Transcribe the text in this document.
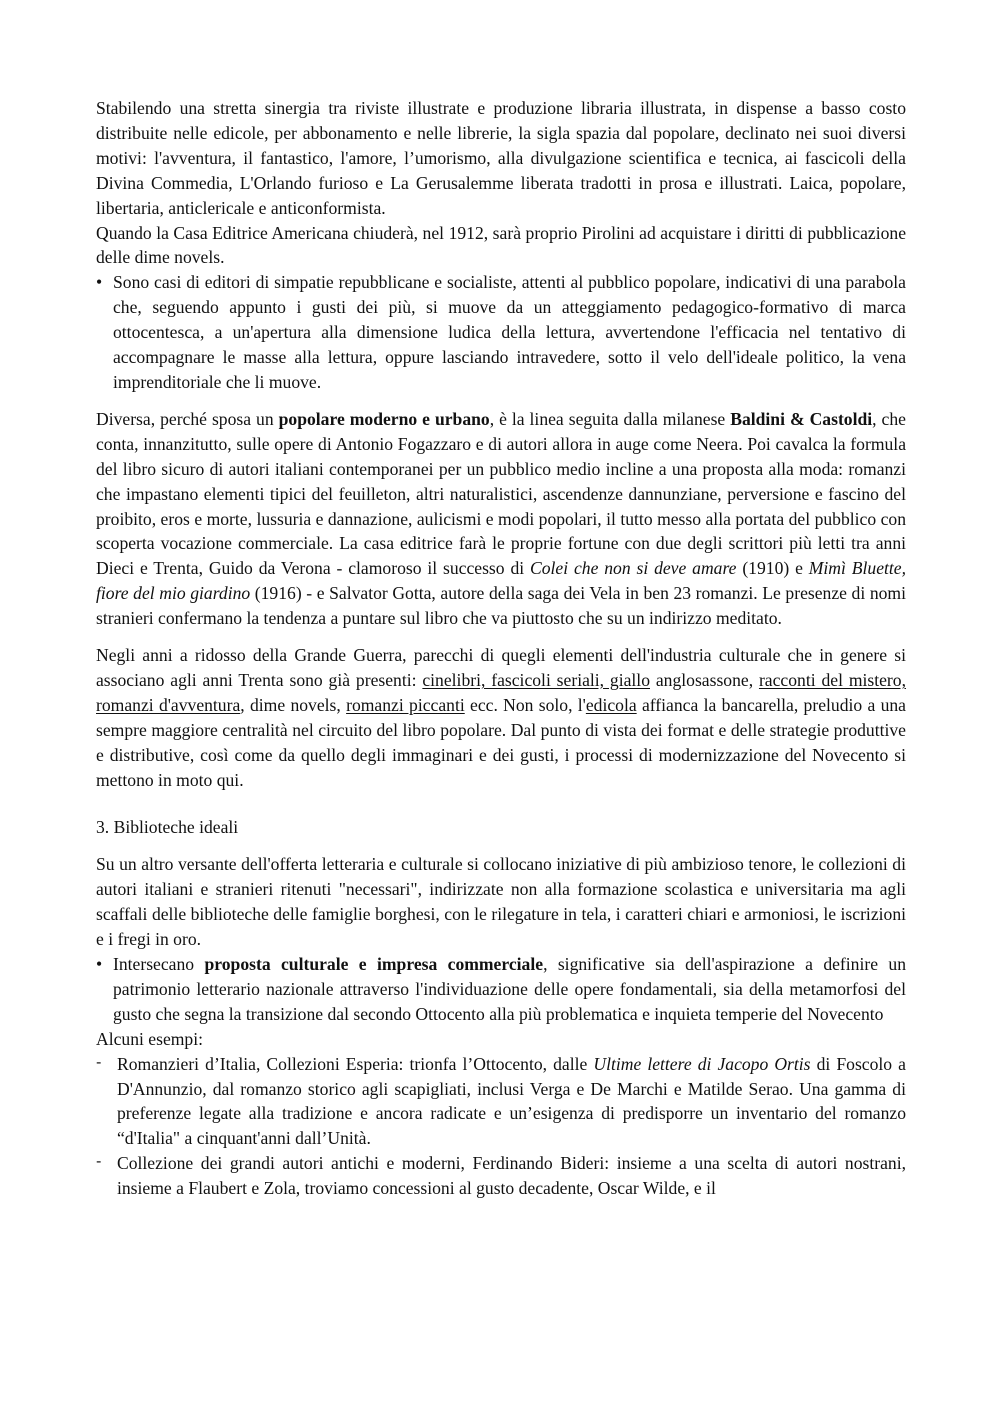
Stabilendo una stretta sinergia tra riviste illustrate e produzione libraria illustrata, in dispense a basso costo distribuite nelle edicole, per abbonamento e nelle librerie, la sigla spazia dal popolare, declinato nei suoi diversi motivi: l'avventura, il fantastico, l'amore, l’umorismo, alla divulgazione scientifica e tecnica, ai fascicoli della Divina Commedia, L'Orlando furioso e La Gerusalemme liberata tradotti in prosa e illustrati. Laica, popolare, libertaria, anticlericale e anticonformista.

Quando la Casa Editrice Americana chiuderà, nel 1912, sarà proprio Pirolini ad acquistare i diritti di pubblicazione delle dime novels.

• Sono casi di editori di simpatie repubblicane e socialiste, attenti al pubblico popolare, indicativi di una parabola che, seguendo appunto i gusti dei più, si muove da un atteggiamento pedagogico-formativo di marca ottocentesca, a un'apertura alla dimensione ludica della lettura, avvertendone l'efficacia nel tentativo di accompagnare le masse alla lettura, oppure lasciando intravedere, sotto il velo dell'ideale politico, la vena imprenditoriale che li muove.

Diversa, perché sposa un popolare moderno e urbano, è la linea seguita dalla milanese Baldini & Castoldi, che conta, innanzitutto, sulle opere di Antonio Fogazzaro e di autori allora in auge come Neera. Poi cavalca la formula del libro sicuro di autori italiani contemporanei per un pubblico medio incline a una proposta alla moda: romanzi che impastano elementi tipici del feuilleton, altri naturalistici, ascendenze dannunziane, perversione e fascino del proibito, eros e morte, lussuria e dannazione, aulicismi e modi popolari, il tutto messo alla portata del pubblico con scoperta vocazione commerciale. La casa editrice farà le proprie fortune con due degli scrittori più letti tra anni Dieci e Trenta, Guido da Verona - clamoroso il successo di Colei che non si deve amare (1910) e Mimì Bluette, fiore del mio giardino (1916) - e Salvator Gotta, autore della saga dei Vela in ben 23 romanzi. Le presenze di nomi stranieri confermano la tendenza a puntare sul libro che va piuttosto che su un indirizzo meditato.

Negli anni a ridosso della Grande Guerra, parecchi di quegli elementi dell'industria culturale che in genere si associano agli anni Trenta sono già presenti: cinelibri, fascicoli seriali, giallo anglosassone, racconti del mistero, romanzi d'avventura, dime novels, romanzi piccanti ecc. Non solo, l'edicola affianca la bancarella, preludio a una sempre maggiore centralità nel circuito del libro popolare. Dal punto di vista dei format e delle strategie produttive e distributive, così come da quello degli immaginari e dei gusti, i processi di modernizzazione del Novecento si mettono in moto qui.

3. Biblioteche ideali

Su un altro versante dell'offerta letteraria e culturale si collocano iniziative di più ambizioso tenore, le collezioni di autori italiani e stranieri ritenuti "necessari", indirizzate non alla formazione scolastica e universitaria ma agli scaffali delle biblioteche delle famiglie borghesi, con le rilegature in tela, i caratteri chiari e armoniosi, le iscrizioni e i fregi in oro.

• Intersecano proposta culturale e impresa commerciale, significative sia dell'aspirazione a definire un patrimonio letterario nazionale attraverso l'individuazione delle opere fondamentali, sia della metamorfosi del gusto che segna la transizione dal secondo Ottocento alla più problematica e inquieta temperie del Novecento

Alcuni esempi:

- Romanzieri d’Italia, Collezioni Esperia: trionfa l’Ottocento, dalle Ultime lettere di Jacopo Ortis di Foscolo a D'Annunzio, dal romanzo storico agli scapigliati, inclusi Verga e De Marchi e Matilde Serao. Una gamma di preferenze legate alla tradizione e ancora radicate e un’esigenza di predisporre un inventario del romanzo “d'Italia" a cinquant'anni dall’Unità.

- Collezione dei grandi autori antichi e moderni, Ferdinando Bideri: insieme a una scelta di autori nostrani, insieme a Flaubert e Zola, troviamo concessioni al gusto decadente, Oscar Wilde, e il
